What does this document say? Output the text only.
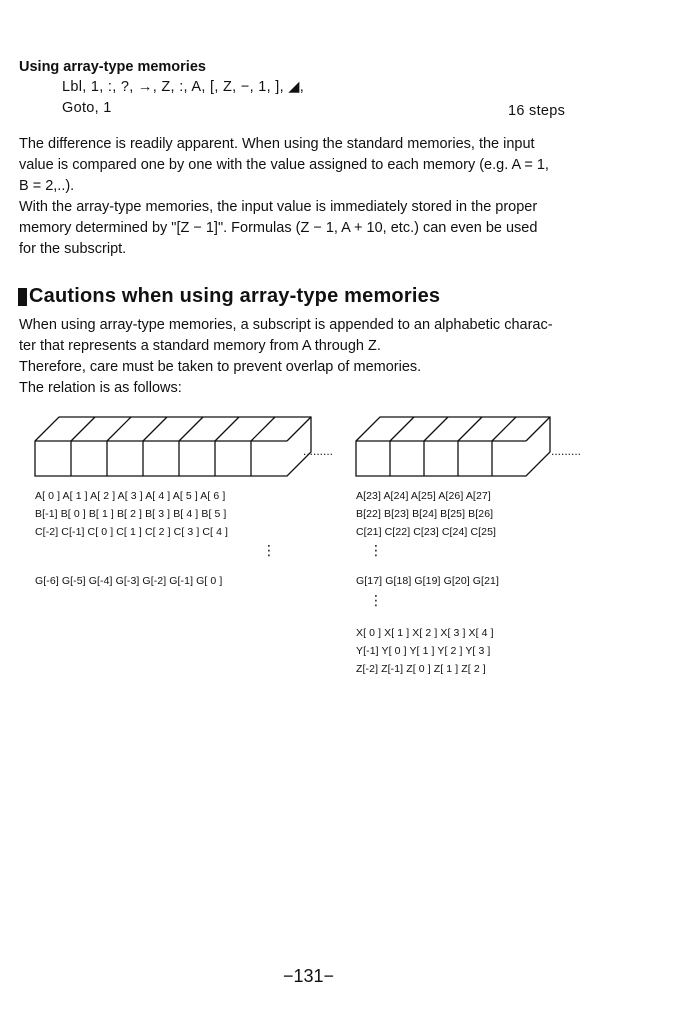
Using array-type memories
Lbl, 1, :, ?, →, Z, :, A, [, Z, −, 1, ], ◢,
Goto, 1	16 steps
The difference is readily apparent. When using the standard memories, the input
value is compared one by one with the value assigned to each memory (e.g. A = 1,
B = 2,..).
With the array-type memories, the input value is immediately stored in the proper
memory determined by "[Z − 1]". Formulas (Z − 1, A + 10, etc.) can even be used
for the subscript.
Cautions when using array-type memories
When using array-type memories, a subscript is appended to an alphabetic charac-
ter that represents a standard memory from A through Z.
Therefore, care must be taken to prevent overlap of memories.
The relation is as follows:
.........	.........
A[ 0 ] A[ 1 ] A[ 2 ] A[ 3 ] A[ 4 ] A[ 5 ] A[ 6 ]
B[-1] B[ 0 ] B[ 1 ] B[ 2 ] B[ 3 ] B[ 4 ] B[ 5 ]
C[-2] C[-1] C[ 0 ] C[ 1 ] C[ 2 ] C[ 3 ] C[ 4 ]
⋮
G[-6] G[-5] G[-4] G[-3] G[-2] G[-1] G[ 0 ]
A[23] A[24] A[25] A[26] A[27]
B[22] B[23] B[24] B[25] B[26]
C[21] C[22] C[23] C[24] C[25]
⋮
G[17] G[18] G[19] G[20] G[21]
⋮
X[ 0 ] X[ 1 ] X[ 2 ] X[ 3 ] X[ 4 ]
Y[-1] Y[ 0 ] Y[ 1 ] Y[ 2 ] Y[ 3 ]
Z[-2] Z[-1] Z[ 0 ] Z[ 1 ] Z[ 2 ]
−131−
